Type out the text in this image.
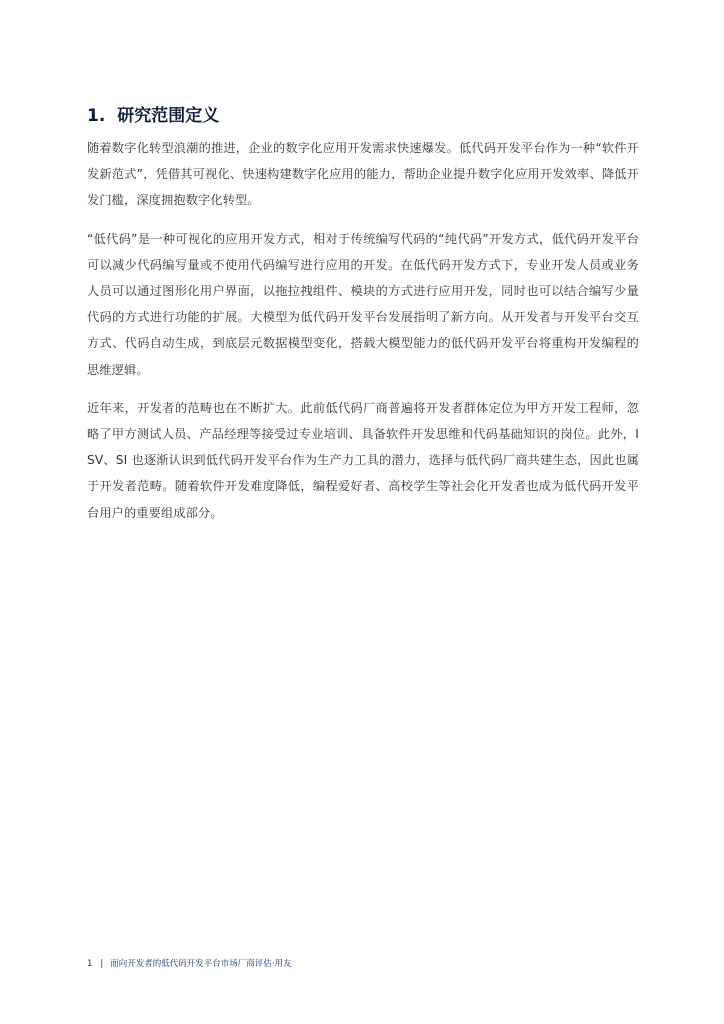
1. 研究范围定义

随着数字化转型浪潮的推进，企业的数字化应用开发需求快速爆发。低代码开发平台作为一种“软件开发新范式”，凭借其可视化、快速构建数字化应用的能力，帮助企业提升数字化应用开发效率、降低开发门槛，深度拥抱数字化转型。

“低代码”是一种可视化的应用开发方式，相对于传统编写代码的“纯代码”开发方式，低代码开发平台可以减少代码编写量或不使用代码编写进行应用的开发。在低代码开发方式下，专业开发人员或业务人员可以通过图形化用户界面，以拖拉拽组件、模块的方式进行应用开发，同时也可以结合编写少量代码的方式进行功能的扩展。大模型为低代码开发平台发展指明了新方向。从开发者与开发平台交互方式、代码自动生成，到底层元数据模型变化，搭载大模型能力的低代码开发平台将重构开发编程的思维逻辑。

近年来，开发者的范畴也在不断扩大。此前低代码厂商普遍将开发者群体定位为甲方开发工程师，忽略了甲方测试人员、产品经理等接受过专业培训、具备软件开发思维和代码基础知识的岗位。此外，ISV、SI 也逐渐认识到低代码开发平台作为生产力工具的潜力，选择与低代码厂商共建生态，因此也属于开发者范畴。随着软件开发难度降低，编程爱好者、高校学生等社会化开发者也成为低代码开发平台用户的重要组成部分。

1 | 面向开发者的低代码开发平台市场厂商评估·用友
